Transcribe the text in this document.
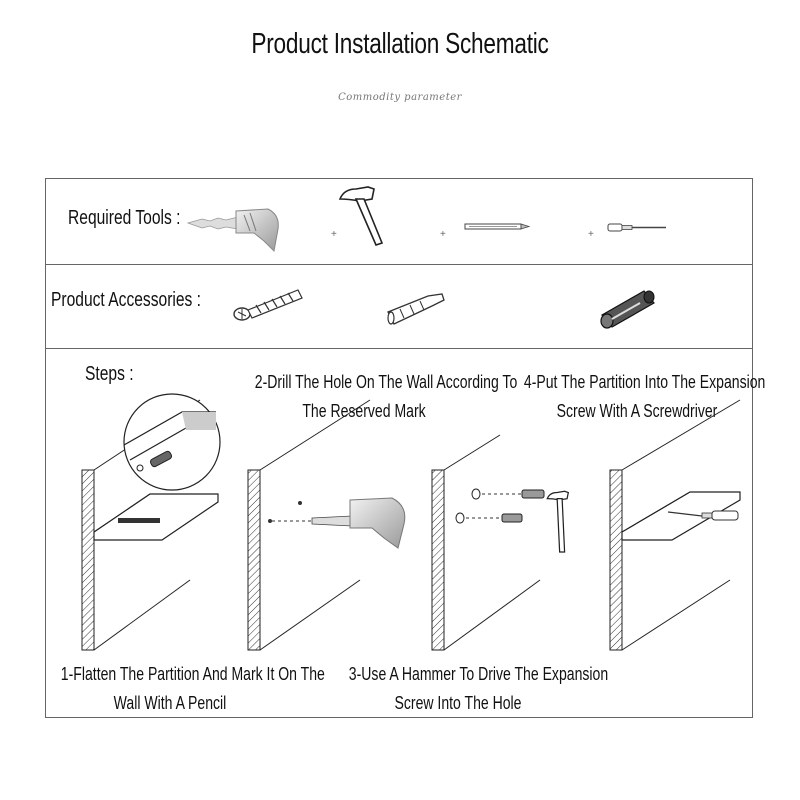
Product Installation Schematic
Commodity parameter
Required Tools :
Product Accessories :
Steps :
1-Flatten The Partition And Mark It On The
Wall With A Pencil
2-Drill The Hole On The Wall According To
The Reserved Mark
3-Use A Hammer To Drive The Expansion
Screw Into The Hole
4-Put The Partition Into The Expansion
Screw With A Screwdriver
+	+	+
